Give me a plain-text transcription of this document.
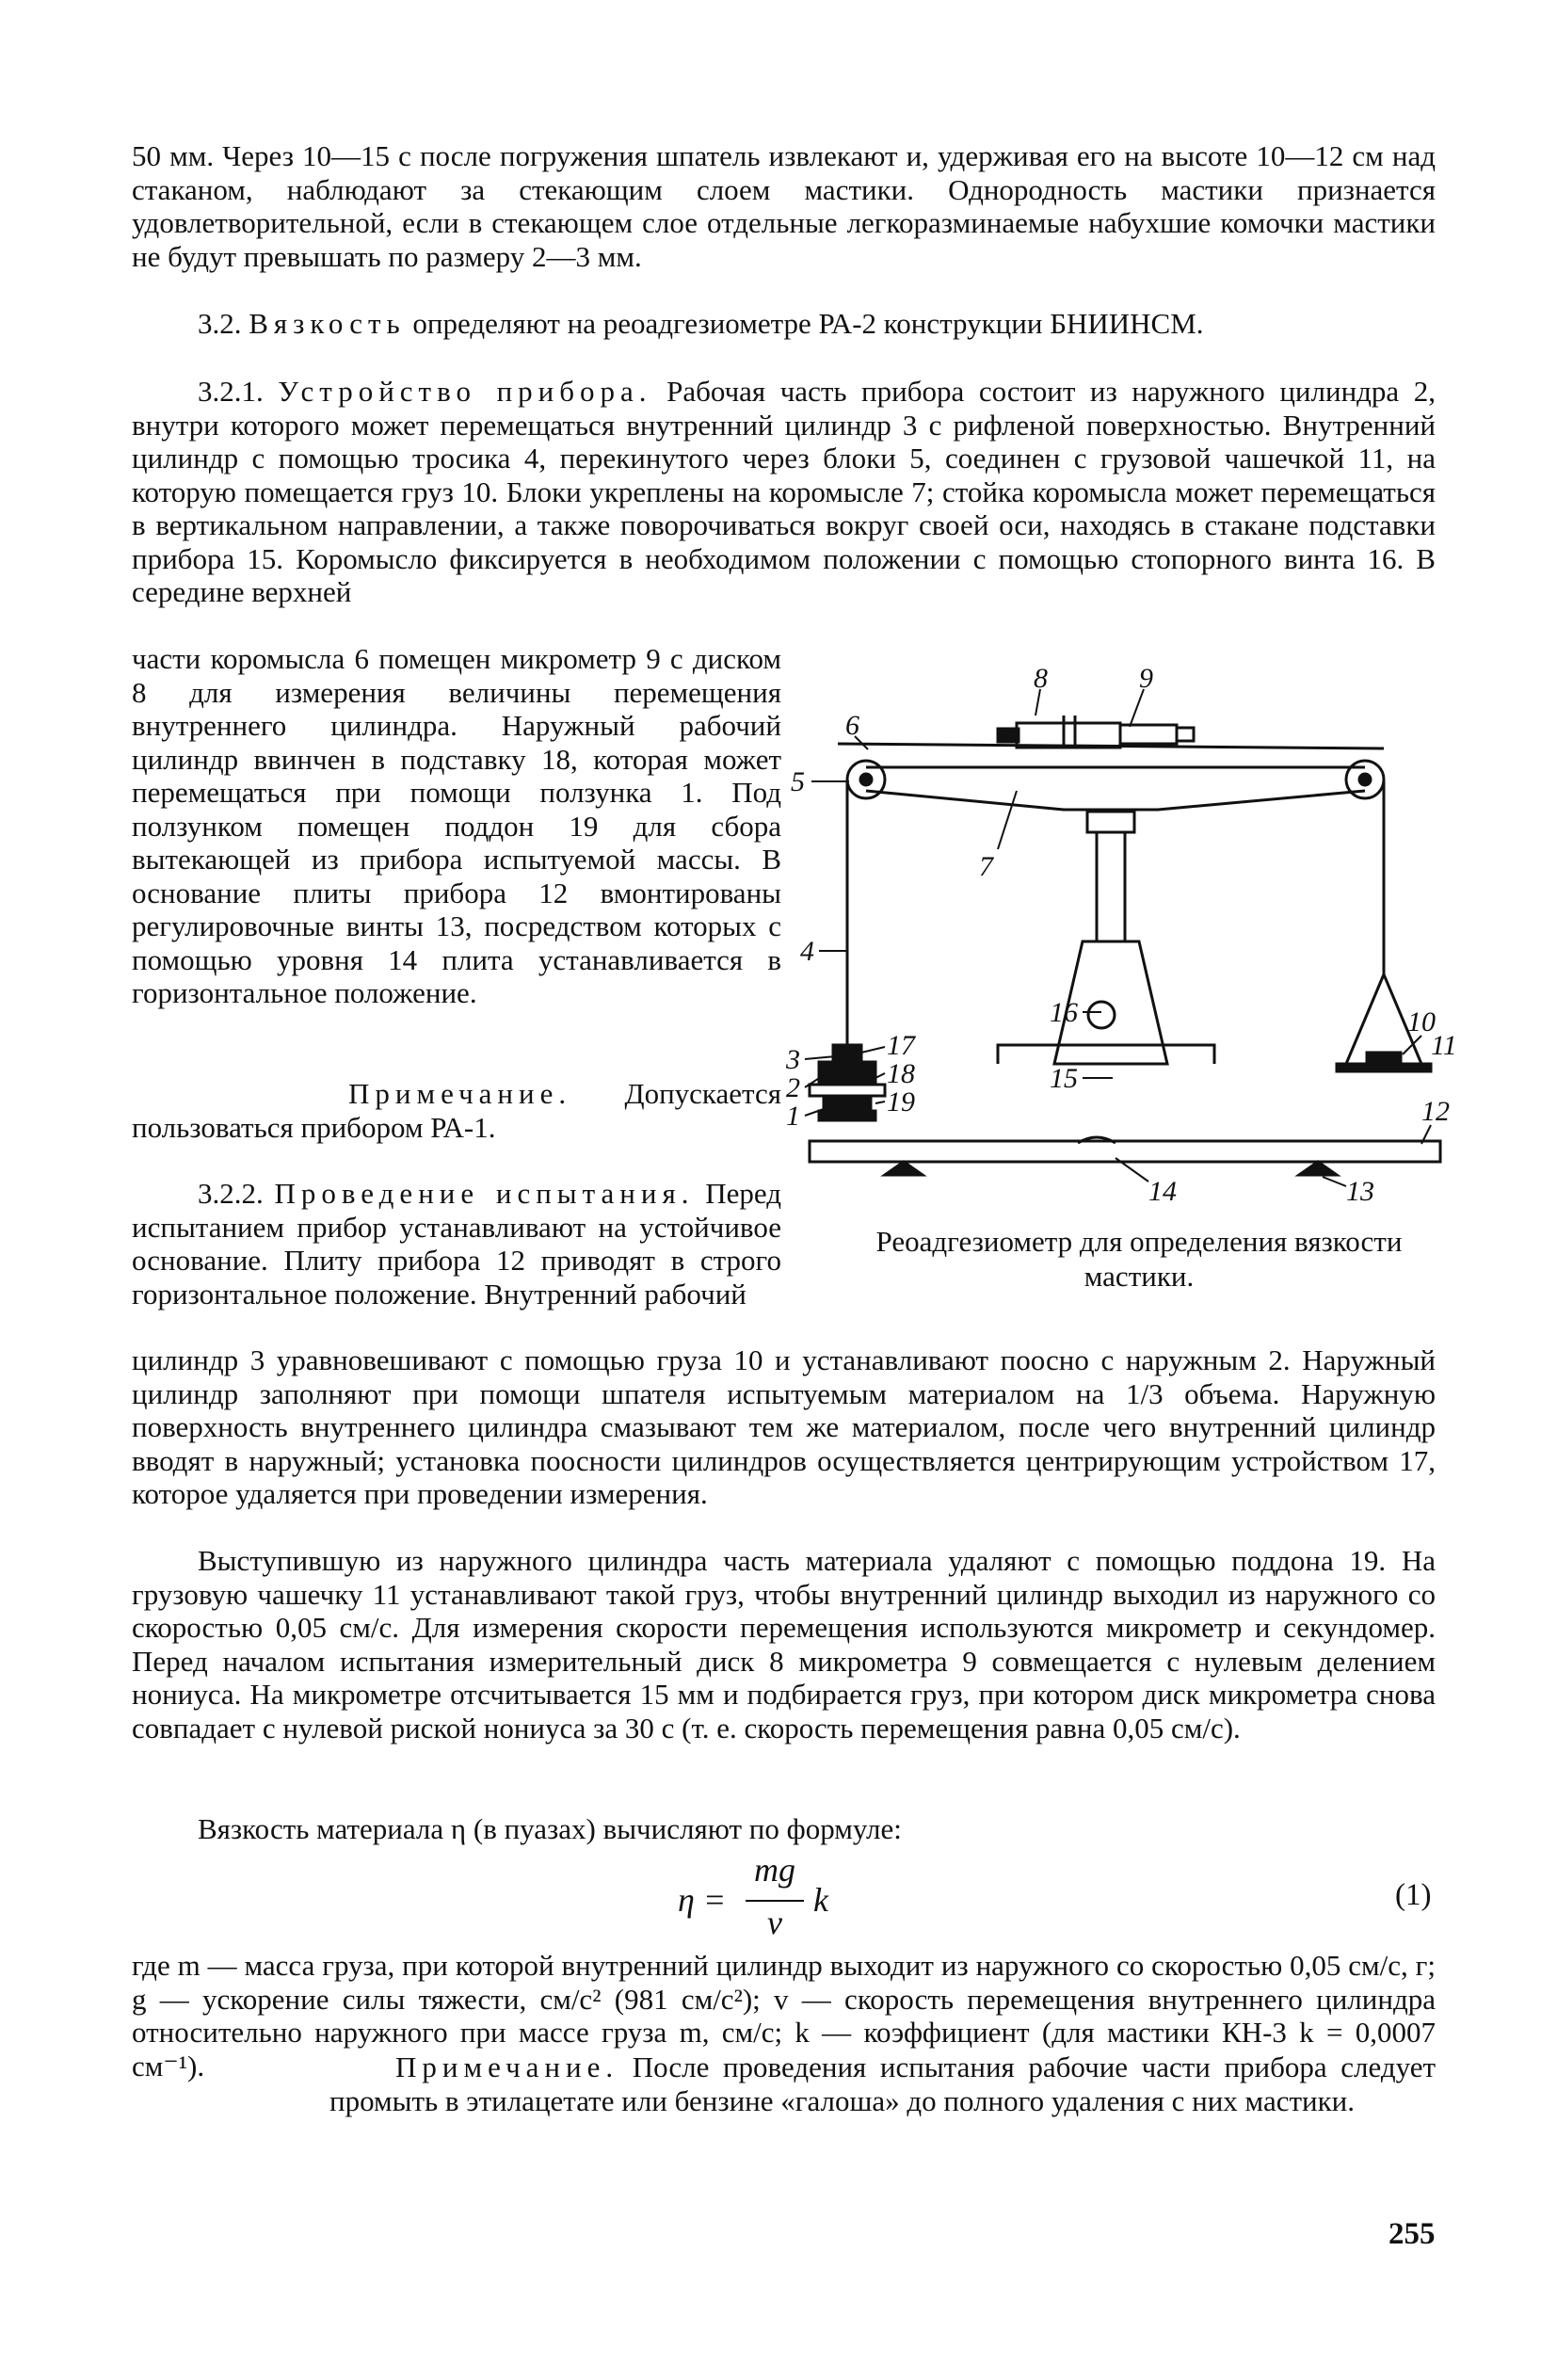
50 мм. Через 10—15 с после погружения шпатель извлекают и, удерживая его на высоте 10—12 см над стаканом, наблюдают за стекающим слоем мастики. Однородность мастики признается удовлетворительной, если в стекающем слое отдельные легкоразминаемые набухшие комочки мастики не будут превышать по размеру 2—3 мм.

3.2. Вязкость определяют на реоадгезиометре РА-2 конструкции БНИИНСМ.

3.2.1. Устройство прибора. Рабочая часть прибора состоит из наружного цилиндра 2, внутри которого может перемещаться внутренний цилиндр 3 с рифленой поверхностью. Внутренний цилиндр с помощью тросика 4, перекинутого через блоки 5, соединен с грузовой чашечкой 11, на которую помещается груз 10. Блоки укреплены на коромысле 7; стойка коромысла может перемещаться в вертикальном направлении, а также поворочиваться вокруг своей оси, находясь в стакане подставки прибора 15. Коромысло фиксируется в необходимом положении с помощью стопорного винта 16. В середине верхней

части коромысла 6 помещен микрометр 9 с диском 8 для измерения величины перемещения внутреннего цилиндра. Наружный рабочий цилиндр ввинчен в подставку 18, которая может перемещаться при помощи ползунка 1. Под ползунком помещен поддон 19 для сбора вытекающей из прибора испытуемой массы. В основание плиты прибора 12 вмонтированы регулировочные винты 13, посредством которых с помощью уровня 14 плита устанавливается в горизонтальное положение.

Примечание. Допускается пользоваться прибором РА-1.

3.2.2. Проведение испытания. Перед испытанием прибор устанавливают на устойчивое основание. Плиту прибора 12 приводят в строго горизонтальное положение. Внутренний рабочий

цилиндр 3 уравновешивают с помощью груза 10 и устанавливают поосно с наружным 2. Наружный цилиндр заполняют при помощи шпателя испытуемым материалом на 1/3 объема. Наружную поверхность внутреннего цилиндра смазывают тем же материалом, после чего внутренний цилиндр вводят в наружный; установка поосности цилиндров осуществляется центрирующим устройством 17, которое удаляется при проведении измерения.

Выступившую из наружного цилиндра часть материала удаляют с помощью поддона 19. На грузовую чашечку 11 устанавливают такой груз, чтобы внутренний цилиндр выходил из наружного со скоростью 0,05 см/с. Для измерения скорости перемещения используются микрометр и секундомер. Перед началом испытания измерительный диск 8 микрометра 9 совмещается с нулевым делением нониуса. На микрометре отсчитывается 15 мм и подбирается груз, при котором диск микрометра снова совпадает с нулевой риской нониуса за 30 с (т. е. скорость перемещения равна 0,05 см/с).

Вязкость материала η (в пуазах) вычисляют по формуле:

η =
mg
v
k	(1)

где m — масса груза, при которой внутренний цилиндр выходит из наружного со скоростью 0,05 см/с, г; g — ускорение силы тяжести, см/с² (981 см/с²); v — скорость перемещения внутреннего цилиндра относительно наружного при массе груза m, см/с; k — коэффициент (для мастики КН-3 k = 0,0007 см⁻¹).	Примечание. После проведения испытания рабочие части прибора следует промыть в этилацетате или бензине «галоша» до полного удаления с них мастики.

6
5
7
8	9
4
16
15
3
2
1
17
18
19
14	13
12
10
11
Реоадгезиометр для определения вязкости мастики.
255
